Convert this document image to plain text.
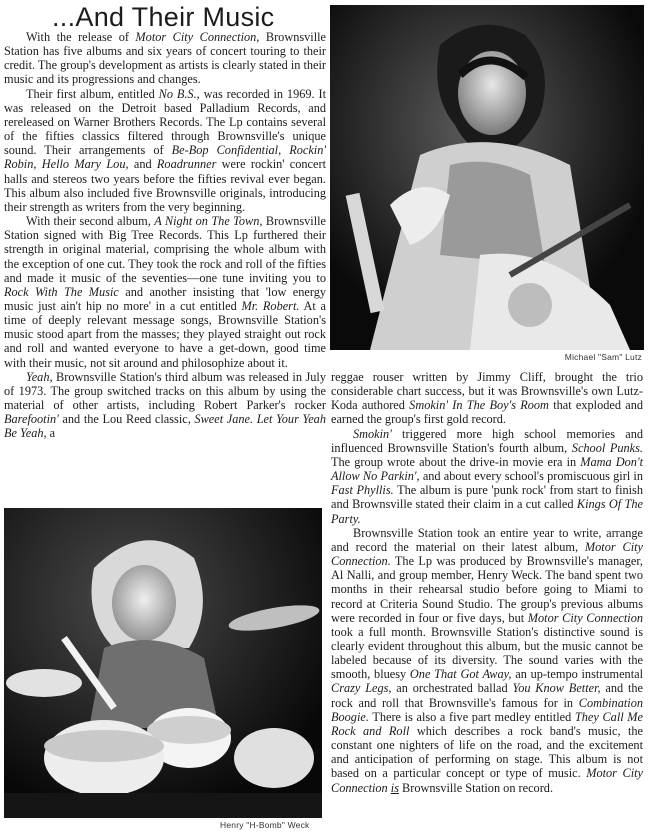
...And Their Music

With the release of Motor City Connection, Brownsville Station has five albums and six years of concert touring to their credit. The group's development as artists is clearly stated in their music and its progressions and changes.

Their first album, entitled No B.S., was recorded in 1969. It was released on the Detroit based Palladium Records, and rereleased on Warner Brothers Records. The Lp contains several of the fifties classics filtered through Brownsville's unique sound. Their arrangements of Be-Bop Confidential, Rockin' Robin, Hello Mary Lou, and Roadrunner were rockin' concert halls and stereos two years before the fifties revival ever began. This album also included five Brownsville originals, introducing their strength as writers from the very beginning.

With their second album, A Night on The Town, Brownsville Station signed with Big Tree Records. This Lp furthered their strength in original material, comprising the whole album with the exception of one cut. They took the rock and roll of the fifties and made it music of the seventies—one tune inviting you to Rock With The Music and another insisting that 'low energy music just ain't hip no more' in a cut entitled Mr. Robert. At a time of deeply relevant message songs, Brownsville Station's music stood apart from the masses; they played straight out rock and roll and wanted everyone to have a get-down, good time with their music, not sit around and philosophize about it.

Yeah, Brownsville Station's third album was released in July of 1973. The group switched tracks on this album by using the material of other artists, including Robert Parker's rocker Barefootin' and the Lou Reed classic, Sweet Jane. Let Your Yeah Be Yeah, a

Michael "Sam" Lutz

reggae rouser written by Jimmy Cliff, brought the trio considerable chart success, but it was Brownsville's own Lutz-Koda authored Smokin' In The Boy's Room that exploded and earned the group's first gold record.

Smokin' triggered more high school memories and influenced Brownsville Station's fourth album, School Punks. The group wrote about the drive-in movie era in Mama Don't Allow No Parkin', and about every school's promiscuous girl in Fast Phyllis. The album is pure 'punk rock' from start to finish and Brownsville stated their claim in a cut called Kings Of The Party.

Brownsville Station took an entire year to write, arrange and record the material on their latest album, Motor City Connection. The Lp was produced by Brownsville's manager, Al Nalli, and group member, Henry Weck. The band spent two months in their rehearsal studio before going to Miami to record at Criteria Sound Studio. The group's previous albums were recorded in four or five days, but Motor City Connection took a full month. Brownsville Station's distinctive sound is clearly evident throughout this album, but the music cannot be labeled because of its diversity. The sound varies with the smooth, bluesy One That Got Away, an up-tempo instrumental Crazy Legs, an orchestrated ballad You Know Better, and the rock and roll that Brownsville's famous for in Combination Boogie. There is also a five part medley entitled They Call Me Rock and Roll which describes a rock band's music, the constant one nighters of life on the road, and the excitement and anticipation of performing on stage. This album is not based on a particular concept or type of music. Motor City Connection is Brownsville Station on record.

Henry "H-Bomb" Weck
